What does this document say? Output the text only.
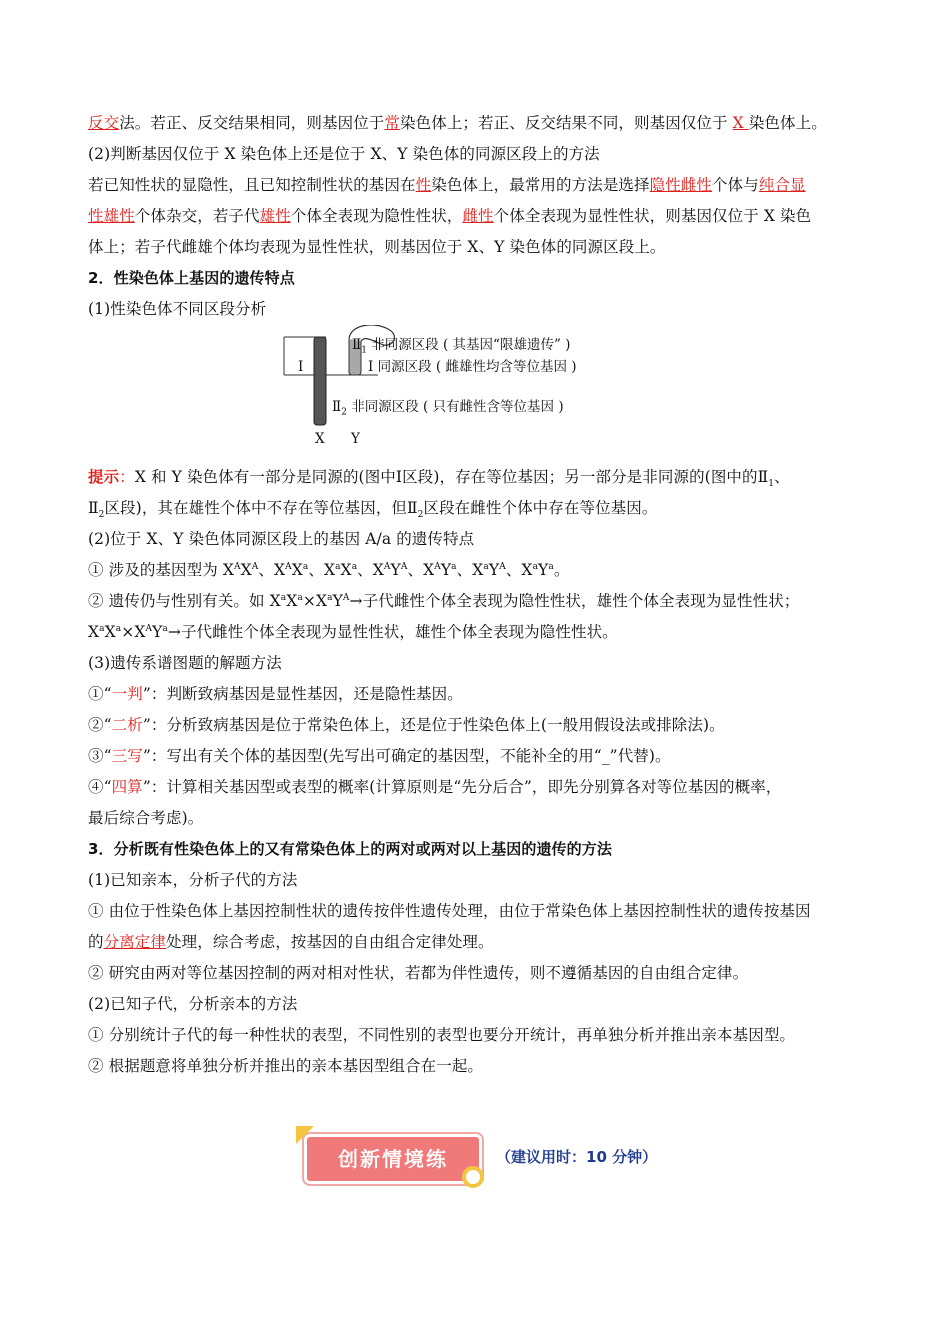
反交法。若正、反交结果相同，则基因位于常染色体上；若正、反交结果不同，则基因仅位于 X 染色体上。
(2)判断基因仅位于 X 染色体上还是位于 X、Y 染色体的同源区段上的方法
若已知性状的显隐性，且已知控制性状的基因在性染色体上，最常用的方法是选择隐性雌性个体与纯合显
性雄性个体杂交，若子代雄性个体全表现为隐性性状，雌性个体全表现为显性性状，则基因仅位于 X 染色
体上；若子代雌雄个体均表现为显性性状，则基因位于 X、Y 染色体的同源区段上。
2．性染色体上基因的遗传特点
(1)性染色体不同区段分析
$Ⅱ_1$ 非同源区段 ( 其基因“限雄遗传” )
Ⅰ 同源区段 ( 雌雄性均含等位基因 )
Ⅰ
$Ⅱ_2$ 非同源区段 ( 只有雌性含等位基因 )
X Y
提示：X 和 Y 染色体有一部分是同源的(图中Ⅰ区段)，存在等位基因；另一部分是非同源的(图中的$Ⅱ_1$、
$Ⅱ_2$区段)，其在雄性个体中不存在等位基因，但$Ⅱ_2$区段在雌性个体中存在等位基因。
(2)位于 X、Y 染色体同源区段上的基因 A/a 的遗传特点
① 涉及的基因型为 $X^AX^A$、$X^AX^a$、$X^aX^a$、$X^AY^A$、$X^AY^a$、$X^aY^A$、$X^aY^a$。
② 遗传仍与性别有关。如 $X^aX^a\times X^aY^A\to$子代雌性个体全表现为隐性性状，雄性个体全表现为显性性状；
$X^aX^a\times X^AY^a\to$子代雌性个体全表现为显性性状，雄性个体全表现为隐性性状。
(3)遗传系谱图题的解题方法
①“一判”：判断致病基因是显性基因，还是隐性基因。
②“二析”：分析致病基因是位于常染色体上，还是位于性染色体上(一般用假设法或排除法)。
③“三写”：写出有关个体的基因型(先写出可确定的基因型，不能补全的用“_”代替)。
④“四算”：计算相关基因型或表型的概率(计算原则是“先分后合”，即先分别算各对等位基因的概率，
最后综合考虑)。
3．分析既有性染色体上的又有常染色体上的两对或两对以上基因的遗传的方法
(1)已知亲本，分析子代的方法
① 由位于性染色体上基因控制性状的遗传按伴性遗传处理，由位于常染色体上基因控制性状的遗传按基因
的分离定律处理，综合考虑，按基因的自由组合定律处理。
② 研究由两对等位基因控制的两对相对性状，若都为伴性遗传，则不遵循基因的自由组合定律。
(2)已知子代，分析亲本的方法
① 分别统计子代的每一种性状的表型，不同性别的表型也要分开统计，再单独分析并推出亲本基因型。
② 根据题意将单独分析并推出的亲本基因型组合在一起。
创新情境练	（建议用时：10 分钟）
